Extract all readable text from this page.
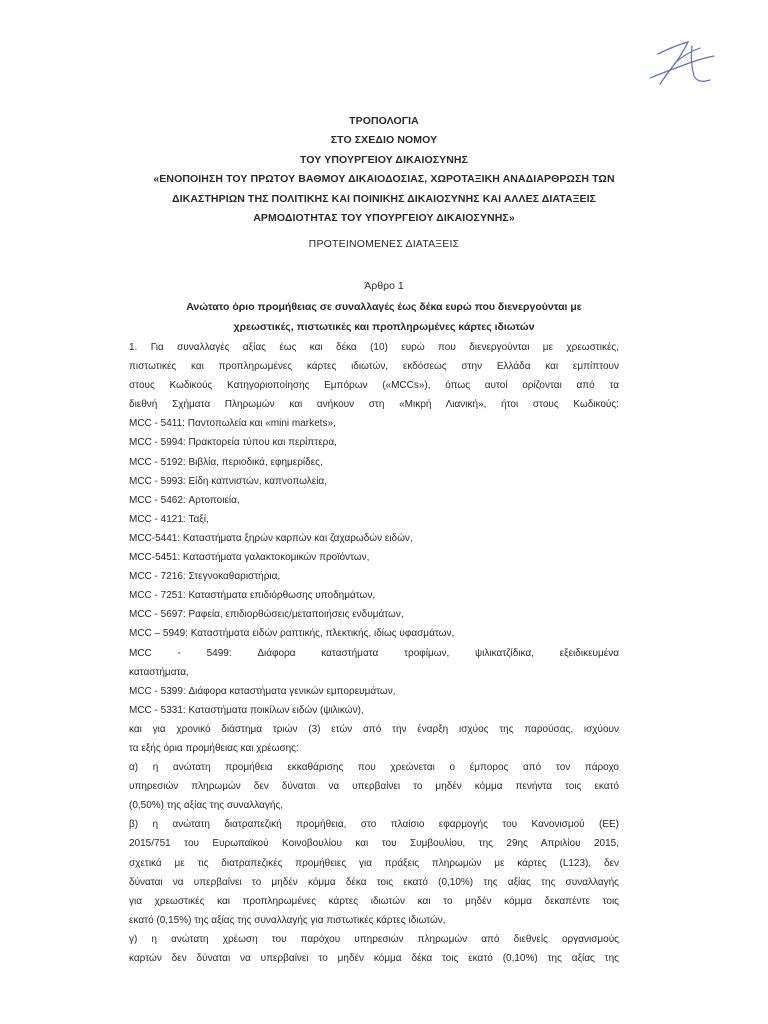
ΤΡΟΠΟΛΟΓΙΑ
ΣΤΟ ΣΧΕΔΙΟ ΝΟΜΟΥ
ΤΟΥ ΥΠΟΥΡΓΕΙΟΥ ΔΙΚΑΙΟΣΥΝΗΣ
«ΕΝΟΠΟΙΗΣΗ ΤΟΥ ΠΡΩΤΟΥ ΒΑΘΜΟΥ ΔΙΚΑΙΟΔΟΣΙΑΣ, ΧΩΡΟΤΑΞΙΚΗ ΑΝΑΔΙΑΡΘΡΩΣΗ ΤΩΝ
ΔΙΚΑΣΤΗΡΙΩΝ ΤΗΣ ΠΟΛΙΤΙΚΗΣ ΚΑΙ ΠΟΙΝΙΚΗΣ ΔΙΚΑΙΟΣΥΝΗΣ ΚΑΙ ΑΛΛΕΣ ΔΙΑΤΑΞΕΙΣ
ΑΡΜΟΔΙΟΤΗΤΑΣ ΤΟΥ ΥΠΟΥΡΓΕΙΟΥ ΔΙΚΑΙΟΣΥΝΗΣ»
ΠΡΟΤΕΙΝΟΜΕΝΕΣ ΔΙΑΤΑΞΕΙΣ
Άρθρο 1
Ανώτατο όριο προμήθειας σε συναλλαγές έως δέκα ευρώ που διενεργούνται με
χρεωστικές, πιστωτικές και προπληρωμένες κάρτες ιδιωτών
1. Για συναλλαγές αξίας έως και δέκα (10) ευρώ που διενεργούνται με χρεωστικές,
πιστωτικές και προπληρωμένες κάρτες ιδιωτών, εκδόσεως στην Ελλάδα και εμπίπτουν
στους Κωδικούς Κατηγοριοποίησης Εμπόρων («MCCs»), όπως αυτοί ορίζονται από τα
διεθνή Σχήματα Πληρωμών και ανήκουν στη «Μικρή Λιανική», ήτοι στους Κωδικούς:
MCC - 5411: Παντοπωλεία και «mini markets»,
MCC - 5994: Πρακτορεία τύπου και περίπτερα,
MCC - 5192: Βιβλία, περιοδικά, εφημερίδες,
MCC - 5993: Είδη καπνιστών, καπνοπωλεία,
MCC - 5462: Αρτοποιεία,
MCC - 4121: Ταξί,
MCC-5441: Καταστήματα ξηρών καρπών και ζαχαρωδών ειδών,
MCC-5451: Καταστήματα γαλακτοκομικών προϊόντων,
MCC - 7216: Στεγνοκαθαριστήρια,
MCC - 7251: Καταστήματα επιδιόρθωσης υποδημάτων,
MCC - 5697: Ραφεία, επιδιορθώσεις/μεταποιήσεις ενδυμάτων,
MCC – 5949: Καταστήματα ειδών ραπτικής, πλεκτικής, ιδίως υφασμάτων,
MCC - 5499: Διάφορα καταστήματα τροφίμων, ψιλικατζίδικα, εξειδικευμένα
καταστήματα,
MCC - 5399: Διάφορα καταστήματα γενικών εμπορευμάτων,
MCC - 5331: Καταστήματα ποικίλων ειδών (ψιλικών),
και για χρονικό διάστημα τριών (3) ετών από την έναρξη ισχύος της παρούσας, ισχύουν
τα εξής όρια προμήθειας και χρέωσης:
α) η ανώτατη προμήθεια εκκαθάρισης που χρεώνεται ο έμπορος από τον πάροχο
υπηρεσιών πληρωμών δεν δύναται να υπερβαίνει το μηδέν κόμμα πενήντα τοις εκατό
(0,50%) της αξίας της συναλλαγής,
β) η ανώτατη διατραπεζική προμήθεια, στο πλαίσιο εφαρμογής του Κανονισμού (ΕΕ)
2015/751 του Ευρωπαϊκού Κοινοβουλίου και του Συμβουλίου, της 29ης Απριλίου 2015,
σχετικά με τις διατραπεζικές προμήθειες για πράξεις πληρωμών με κάρτες (L123), δεν
δύναται να υπερβαίνει το μηδέν κόμμα δέκα τοις εκατό (0,10%) της αξίας της συναλλαγής
για χρεωστικές και προπληρωμένες κάρτες ιδιωτών και το μηδέν κόμμα δεκαπέντε τοις
εκατό (0,15%) της αξίας της συναλλαγής για πιστωτικές κάρτες ιδιωτών,
γ) η ανώτατη χρέωση του παρόχου υπηρεσιών πληρωμών από διεθνείς οργανισμούς
καρτών δεν δύναται να υπερβαίνει το μηδέν κόμμα δέκα τοις εκατό (0,10%) της αξίας της
